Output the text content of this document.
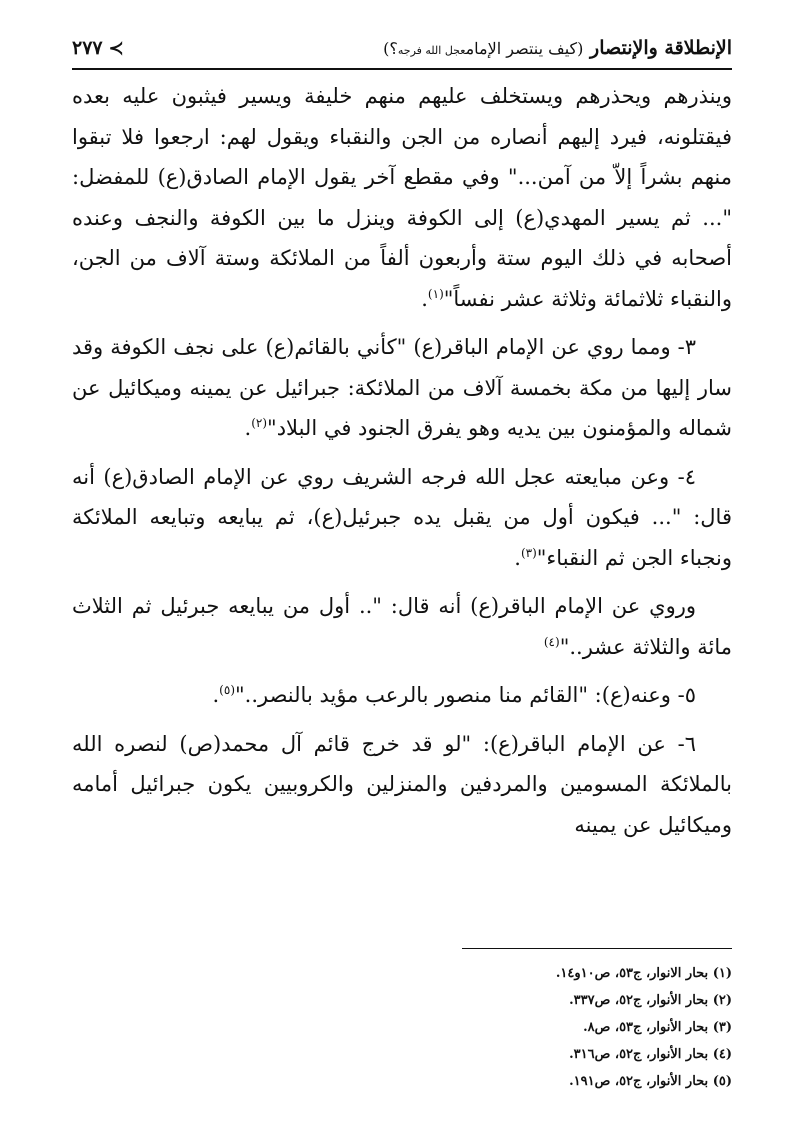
الإنطلاقة والإنتصار (كيف ينتصر الإمامعجل الله فرجه؟)
٢٧٧ ≺

وينذرهم ويحذرهم ويستخلف عليهم منهم خليفة ويسير فيثبون عليه بعده فيقتلونه، فيرد إليهم أنصاره من الجن والنقباء ويقول لهم: ارجعوا فلا تبقوا منهم بشراً إلاّ من آمن..." وفي مقطع آخر يقول الإمام الصادق(ع) للمفضل: "... ثم يسير المهدي(ع) إلى الكوفة وينزل ما بين الكوفة والنجف وعنده أصحابه في ذلك اليوم ستة وأربعون ألفاً من الملائكة وستة آلاف من الجن، والنقباء ثلاثمائة وثلاثة عشر نفساً"$^{(١)}$.

٣- ومما روي عن الإمام الباقر(ع) "كأني بالقائم(ع) على نجف الكوفة وقد سار إليها من مكة بخمسة آلاف من الملائكة: جبرائيل عن يمينه وميكائيل عن شماله والمؤمنون بين يديه وهو يفرق الجنود في البلاد"$^{(٢)}$.

٤- وعن مبايعته عجل الله فرجه الشريف روي عن الإمام الصادق(ع) أنه قال: "... فيكون أول من يقبل يده جبرئيل(ع)، ثم يبايعه وتبايعه الملائكة ونجباء الجن ثم النقباء"$^{(٣)}$.

وروي عن الإمام الباقر(ع) أنه قال: ".. أول من يبايعه جبرئيل ثم الثلاث مائة والثلاثة عشر.."$^{(٤)}$

٥- وعنه(ع): "القائم منا منصور بالرعب مؤيد بالنصر.."$^{(٥)}$.

٦- عن الإمام الباقر(ع): "لو قد خرج قائم آل محمد(ص) لنصره الله بالملائكة المسومين والمردفين والمنزلين والكروبيين يكون جبرائيل أمامه وميكائيل عن يمينه

(١) بحار الانوار، ج٥٣، ص١٠و١٤.
(٢) بحار الأنوار، ج٥٢، ص٣٣٧.
(٣) بحار الأنوار، ج٥٣، ص٨.
(٤) بحار الأنوار، ج٥٢، ص٣١٦.
(٥) بحار الأنوار، ج٥٢، ص١٩١.
